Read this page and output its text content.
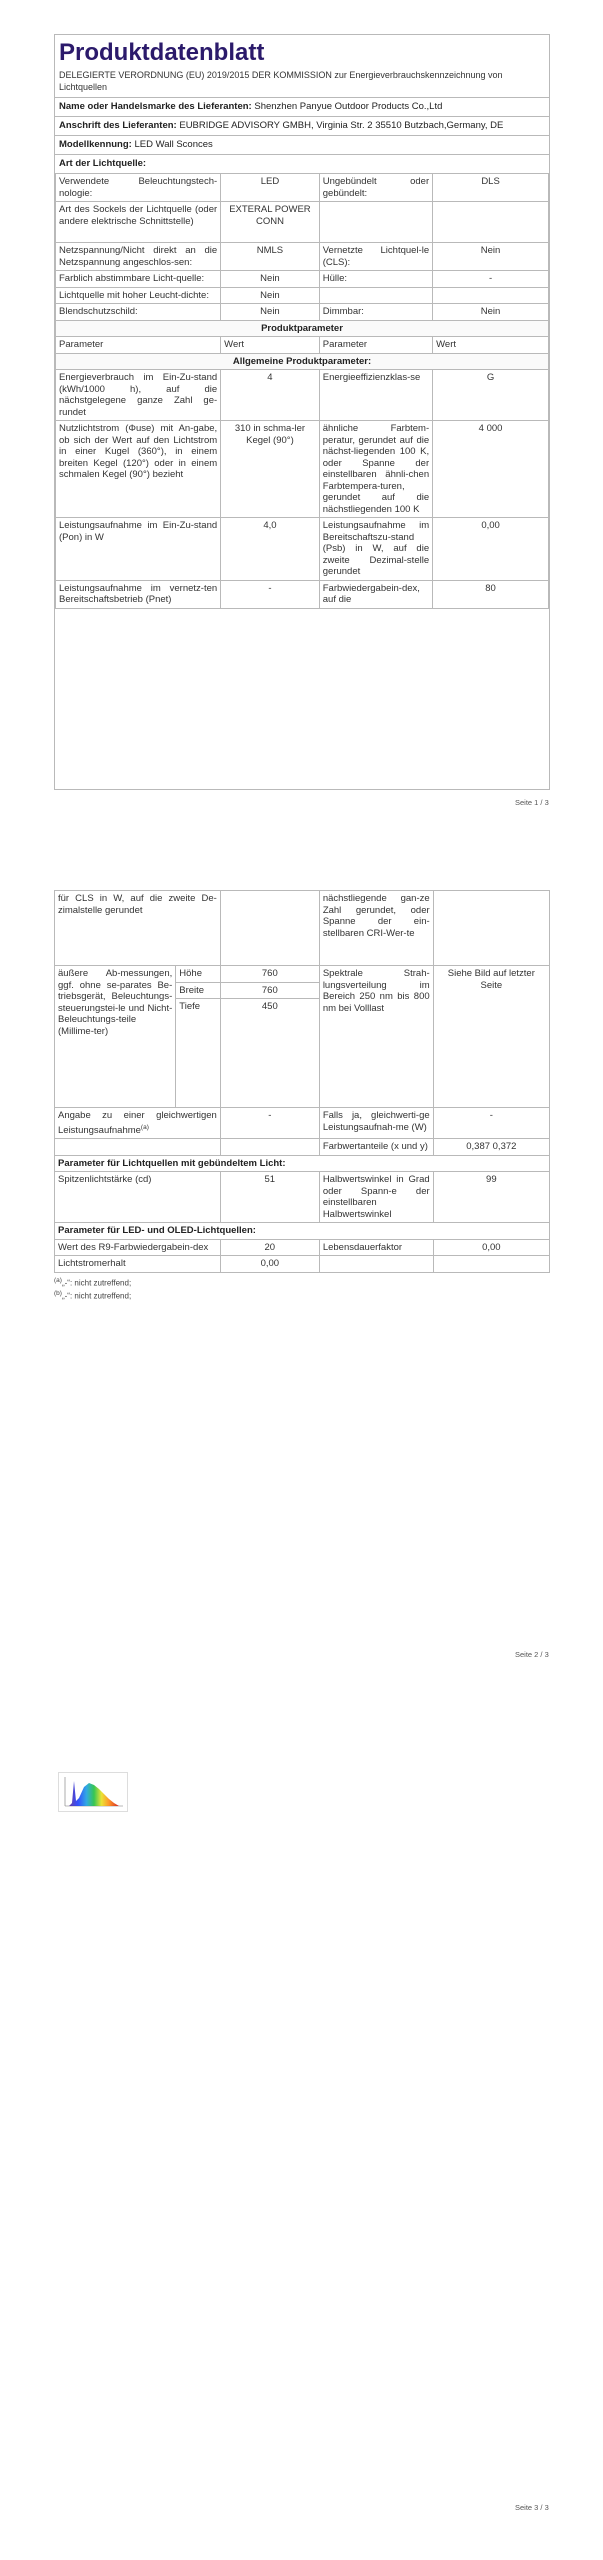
Produktdatenblatt
DELEGIERTE VERORDNUNG (EU) 2019/2015 DER KOMMISSION zur Energieverbrauchskennzeichnung von Lichtquellen
Name oder Handelsmarke des Lieferanten: Shenzhen Panyue Outdoor Products Co.,Ltd
Anschrift des Lieferanten: EUBRIDGE ADVISORY GMBH, Virginia Str. 2 35510 Butzbach,Germany, DE
Modellkennung: LED Wall Sconces
Art der Lichtquelle:
Verwendete Beleuchtungstech-nologie:	LED	Ungebündelt oder gebündelt:	DLS
Art des Sockels der Lichtquelle (oder andere elektrische Schnittstelle)	EXTERAL POWER CONN		
Netzspannung/Nicht direkt an die Netzspannung angeschlos-sen:	NMLS	Vernetzte Lichtquel-le (CLS):	Nein
Farblich abstimmbare Licht-quelle:	Nein	Hülle:	-
Lichtquelle mit hoher Leucht-dichte:	Nein		
Blendschutzschild:	Nein	Dimmbar:	Nein
Produktparameter			
Parameter	Wert	Parameter	Wert
Allgemeine Produktparameter:			
Energieverbrauch im Ein-Zu-stand (kWh/1000 h), auf die nächstgelegene ganze Zahl ge-rundet	4	Energieeffizienzklas-se	G
Nutzlichtstrom (Φuse) mit An-gabe, ob sich der Wert auf den Lichtstrom in einer Kugel (360°), in einem breiten Kegel (120°) oder in einem schmalen Kegel (90°) bezieht	310 in schma-ler Kegel (90°)	ähnliche Farbtem-peratur, gerundet auf die nächst-liegenden 100 K, oder Spanne der einstellbaren ähnli-chen Farbtempera-turen, gerundet auf die nächstliegenden 100 K	4 000
Leistungsaufnahme im Ein-Zu-stand (Pon) in W	4,0	Leistungsaufnahme im Bereitschaftszu-stand (Psb) in W, auf die zweite Dezimal-stelle gerundet	0,00
Leistungsaufnahme im vernetz-ten Bereitschaftsbetrieb (Pnet)	-	Farbwiedergabein-dex, auf die	80
Seite 1 / 3
für CLS in W, auf die zweite De-zimalstelle gerundet			nächstliegende gan-ze Zahl gerundet, oder Spanne der ein-stellbaren CRI-Wer-te	
äußere Ab-messungen, ggf. ohne se-parates Be-triebsgerät, Beleuchtungs-steuerungstei-le und Nicht-Beleuchtungs-teile (Millime-ter)	Höhe	760	Spektrale Strah-lungsverteilung im Bereich 250 nm bis 800 nm bei Volllast	Siehe Bild auf letzter Seite
	Breite	760		
	Tiefe	450		
Angabe zu einer gleichwertigen Leistungsaufnahme$^{(a)}$		-	Falls ja, gleichwerti-ge Leistungsaufnah-me (W)	-
			Farbwertanteile (x und y)	0,387 0,372
Parameter für Lichtquellen mit gebündeltem Licht:				
Spitzenlichtstärke (cd)		51	Halbwertswinkel in Grad oder Spann-e der einstellbaren Halbwertswinkel	99
Parameter für LED- und OLED-Lichtquellen:				
Wert des R9-Farbwiedergabein-dex		20	Lebensdauerfaktor	0,00
Lichtstromerhalt		0,00		
$^{(a)}$„-“: nicht zutreffend;
$^{(b)}$„-“: nicht zutreffend;
Seite 2 / 3
Seite 3 / 3
